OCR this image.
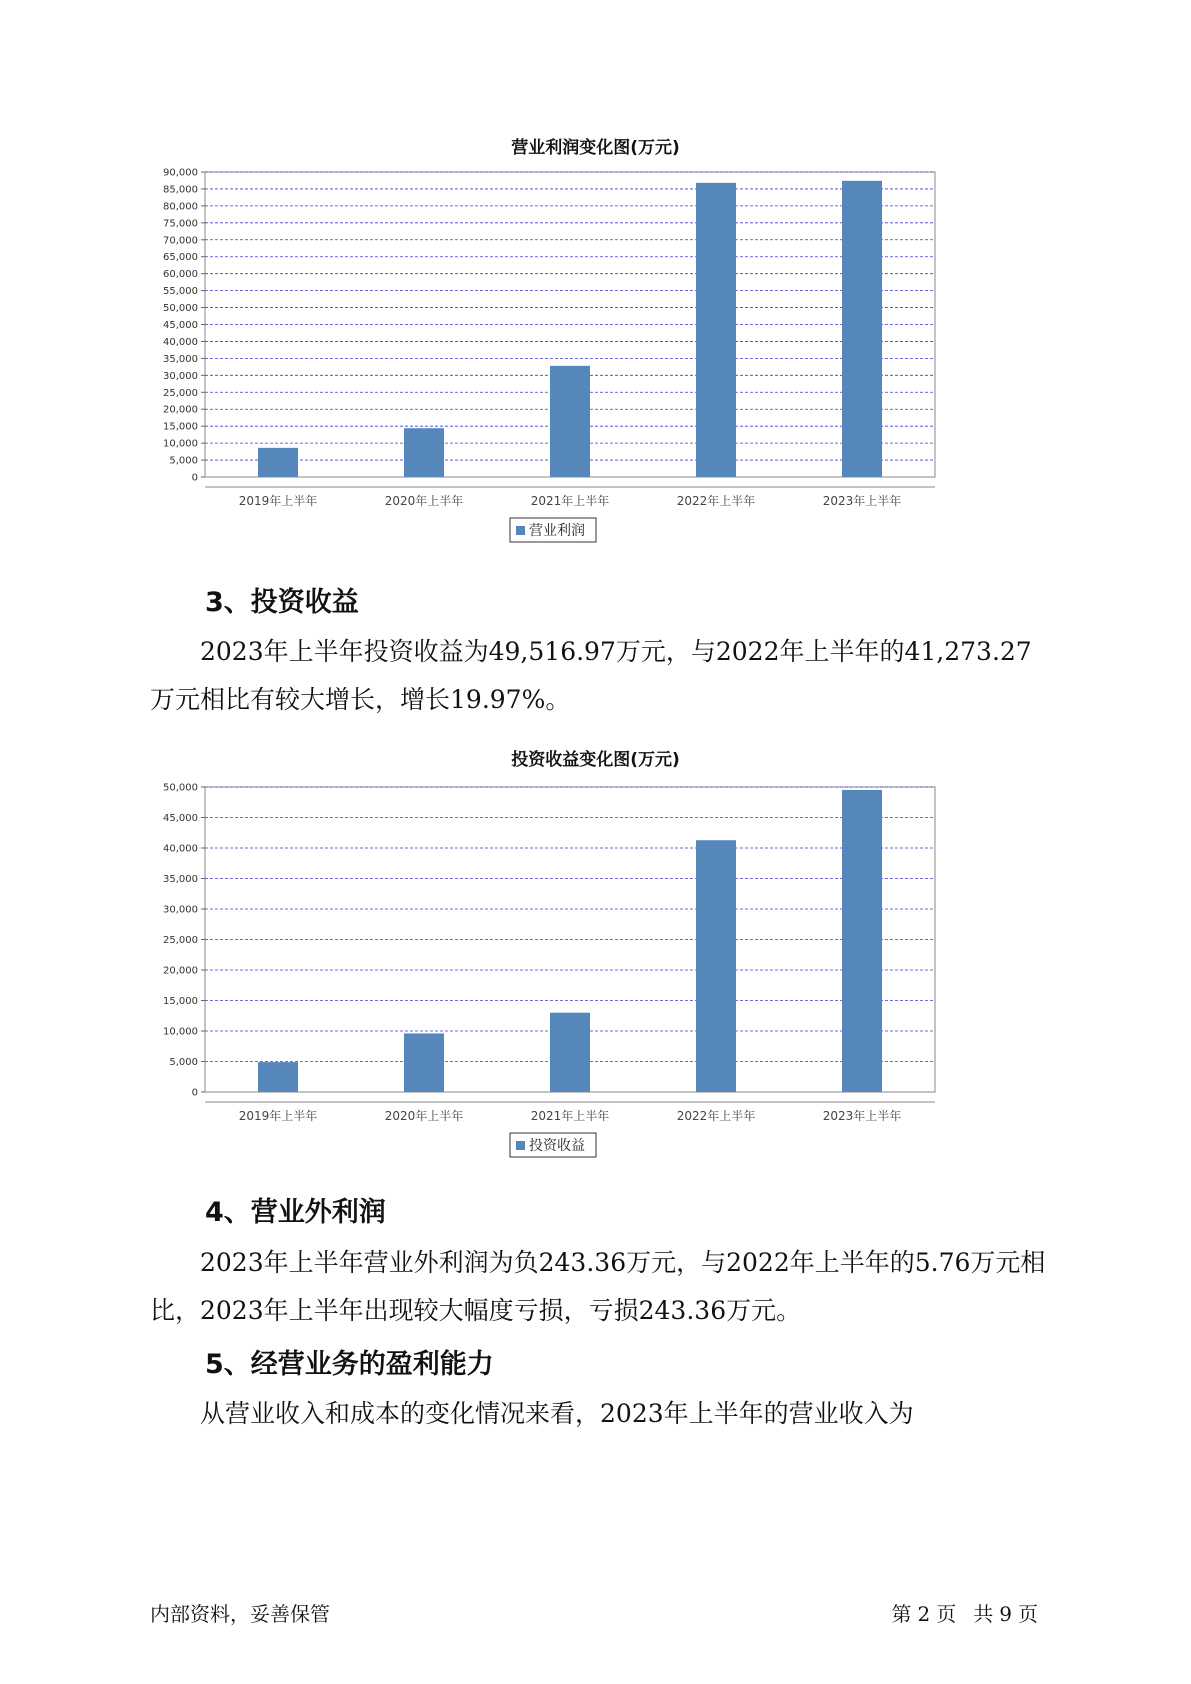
营业利润变化图(万元)
0
5,000
10,000
15,000
20,000
25,000
30,000
35,000
40,000
45,000
50,000
55,000
60,000
65,000
70,000
75,000
80,000
85,000
90,000
2019年上半年	2020年上半年	2021年上半年	2022年上半年	2023年上半年
营业利润
3、投资收益

2023年上半年投资收益为49,516.97万元，与2022年上半年的41,273.27万元相比有较大增长，增长19.97%。

投资收益变化图(万元)
0
5,000
10,000
15,000
20,000
25,000
30,000
35,000
40,000
45,000
50,000
2019年上半年	2020年上半年	2021年上半年	2022年上半年	2023年上半年
投资收益
4、营业外利润

2023年上半年营业外利润为负243.36万元，与2022年上半年的5.76万元相比，2023年上半年出现较大幅度亏损，亏损243.36万元。

5、经营业务的盈利能力

从营业收入和成本的变化情况来看，2023年上半年的营业收入为

内部资料，妥善保管	第 2 页 共 9 页
